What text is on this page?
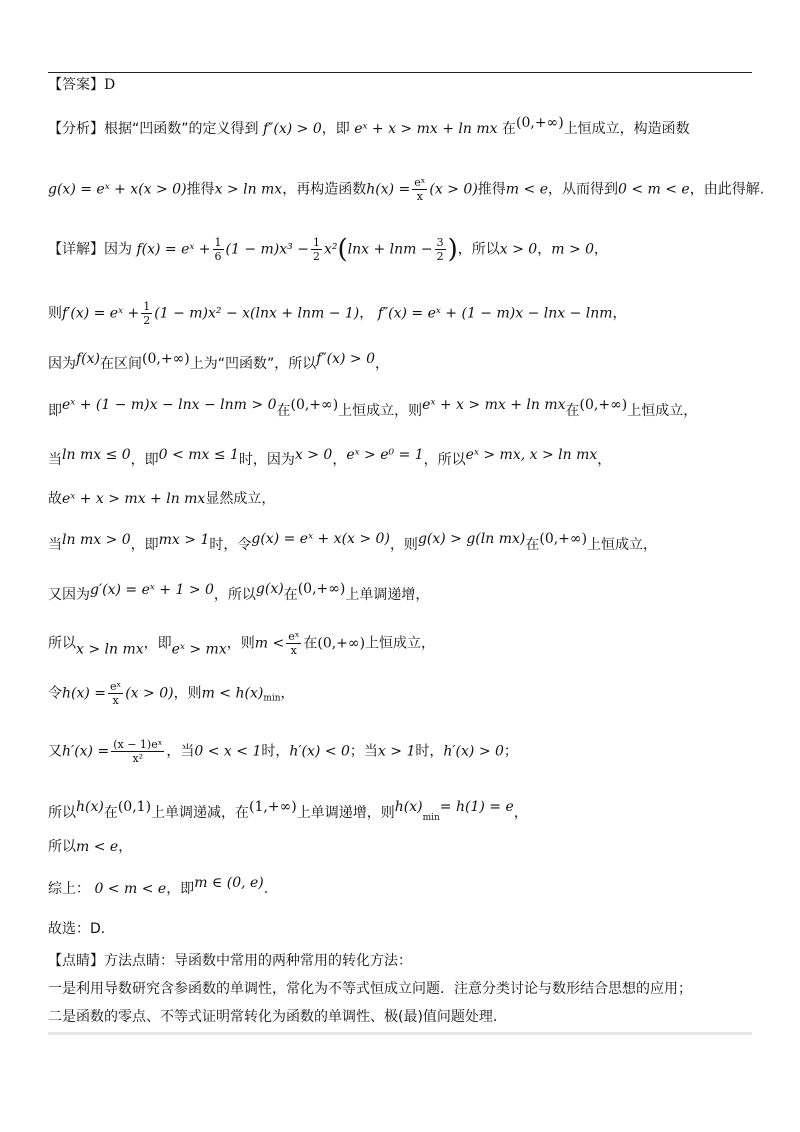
【答案】D
【分析】根据“凹函数”的定义得到 f″(x) > 0，即 eˣ + x > mx + ln mx 在(0,+∞)上恒成立，构造函数
g(x) = eˣ + x(x > 0)推得x > ln mx，再构造函数$h(x) = \frac{\text{eˣ}}{x} (x > 0)$推得m < e，从而得到0 < m < e，由此得解.
【详解】因为 f(x) = eˣ + $\frac{1}{6} (1 - m)x^3 - \frac{1}{2} x^2(\ln x + \ln m - \frac{3}{2}$ )，所以x > 0，m > 0，
则f′(x) = eˣ + $\frac{1}{2} (1 - m)x^2 - x(\ln x + \ln m - 1)$， f″(x) = eˣ + (1 − m)x − lnx − lnm，
因为f(x)在区间(0,+∞)上为“凹函数”，所以f″(x) > 0，
即eˣ + (1 − m)x − lnx − lnm > 0在(0,+∞)上恒成立，则eˣ + x > mx + ln mx在(0,+∞)上恒成立，
当ln mx ≤ 0，即0 < mx ≤ 1时，因为x > 0，eˣ > e⁰ = 1，所以eˣ > mx, x > ln mx，
故eˣ + x > mx + ln mx显然成立，
当ln mx > 0，即mx > 1时，令g(x) = eˣ + x(x > 0)，则g(x) > g(ln mx)在(0,+∞)上恒成立，
又因为g′(x) = eˣ + 1 > 0，所以g(x)在(0,+∞)上单调递增，
所以x > ln mx，即eˣ > mx，则$m < \frac{\text{eˣ}}{x}$ 在(0,+∞)上恒成立，
令$h(x) = \frac{\text{eˣ}}{x} (x > 0)$，则$m < h(x)_{min}$，
又$h'(x) = \frac{\text{(x − 1)eˣ}}{\text{x²}}$ ，当0 < x < 1时，h′(x) < 0；当x > 1时，h′(x) > 0；
所以h(x)在(0,1)上单调递减，在(1,+∞)上单调递增，则$h(x)_{min}= h(1) = e$，
所以m < e，
综上： 0 < m < e，即m ∈ (0, e).
故选：D.
【点睛】方法点睛：导函数中常用的两种常用的转化方法：
一是利用导数研究含参函数的单调性，常化为不等式恒成立问题．注意分类讨论与数形结合思想的应用；
二是函数的零点、不等式证明常转化为函数的单调性、极(最)值问题处理.
